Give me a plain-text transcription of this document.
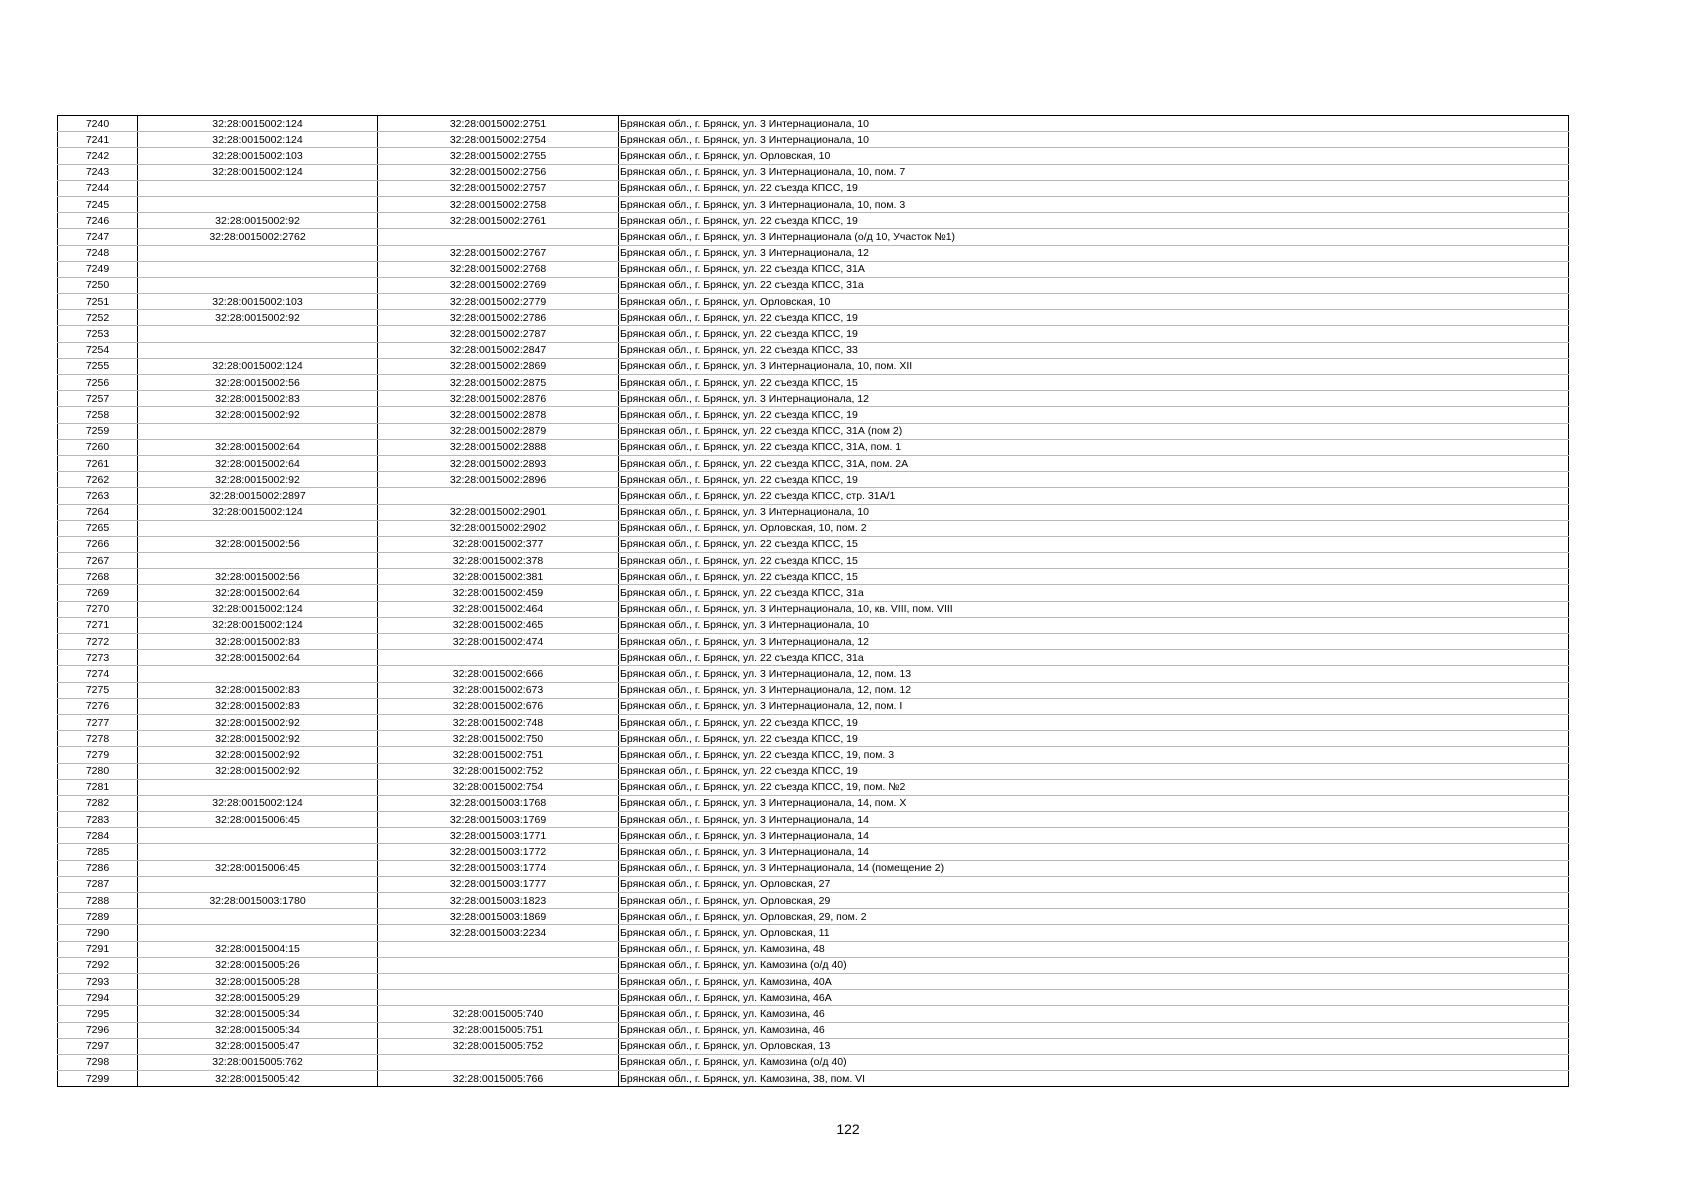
7240	32:28:0015002:124	32:28:0015002:2751	Брянская обл., г. Брянск, ул. 3 Интернационала, 10
7241	32:28:0015002:124	32:28:0015002:2754	Брянская обл., г. Брянск, ул. 3 Интернационала, 10
7242	32:28:0015002:103	32:28:0015002:2755	Брянская обл., г. Брянск, ул. Орловская, 10
7243	32:28:0015002:124	32:28:0015002:2756	Брянская обл., г. Брянск, ул. 3 Интернационала, 10, пом. 7
7244		32:28:0015002:2757	Брянская обл., г. Брянск, ул. 22 съезда КПСС, 19
7245		32:28:0015002:2758	Брянская обл., г. Брянск, ул. 3 Интернационала, 10, пом. 3
7246	32:28:0015002:92	32:28:0015002:2761	Брянская обл., г. Брянск, ул. 22 съезда КПСС, 19
7247	32:28:0015002:2762		Брянская обл., г. Брянск, ул. 3 Интернационала (о/д 10, Участок №1)
7248		32:28:0015002:2767	Брянская обл., г. Брянск, ул. 3 Интернационала, 12
7249		32:28:0015002:2768	Брянская обл., г. Брянск, ул. 22 съезда КПСС, 31А
7250		32:28:0015002:2769	Брянская обл., г. Брянск, ул. 22 съезда КПСС, 31а
7251	32:28:0015002:103	32:28:0015002:2779	Брянская обл., г. Брянск, ул. Орловская, 10
7252	32:28:0015002:92	32:28:0015002:2786	Брянская обл., г. Брянск, ул. 22 съезда КПСС, 19
7253		32:28:0015002:2787	Брянская обл., г. Брянск, ул. 22 съезда КПСС, 19
7254		32:28:0015002:2847	Брянская обл., г. Брянск, ул. 22 съезда КПСС, 33
7255	32:28:0015002:124	32:28:0015002:2869	Брянская обл., г. Брянск, ул. 3 Интернационала, 10, пом. XII
7256	32:28:0015002:56	32:28:0015002:2875	Брянская обл., г. Брянск, ул. 22 съезда КПСС, 15
7257	32:28:0015002:83	32:28:0015002:2876	Брянская обл., г. Брянск, ул. 3 Интернационала, 12
7258	32:28:0015002:92	32:28:0015002:2878	Брянская обл., г. Брянск, ул. 22 съезда КПСС, 19
7259		32:28:0015002:2879	Брянская обл., г. Брянск, ул. 22 съезда КПСС, 31А (пом 2)
7260	32:28:0015002:64	32:28:0015002:2888	Брянская обл., г. Брянск, ул. 22 съезда КПСС, 31А, пом. 1
7261	32:28:0015002:64	32:28:0015002:2893	Брянская обл., г. Брянск, ул. 22 съезда КПСС, 31А, пом. 2А
7262	32:28:0015002:92	32:28:0015002:2896	Брянская обл., г. Брянск, ул. 22 съезда КПСС, 19
7263	32:28:0015002:2897		Брянская обл., г. Брянск, ул. 22 съезда КПСС, стр. 31А/1
7264	32:28:0015002:124	32:28:0015002:2901	Брянская обл., г. Брянск, ул. 3 Интернационала, 10
7265		32:28:0015002:2902	Брянская обл., г. Брянск, ул. Орловская, 10, пом. 2
7266	32:28:0015002:56	32:28:0015002:377	Брянская обл., г. Брянск, ул. 22 съезда КПСС, 15
7267		32:28:0015002:378	Брянская обл., г. Брянск, ул. 22 съезда КПСС, 15
7268	32:28:0015002:56	32:28:0015002:381	Брянская обл., г. Брянск, ул. 22 съезда КПСС, 15
7269	32:28:0015002:64	32:28:0015002:459	Брянская обл., г. Брянск, ул. 22 съезда КПСС, 31а
7270	32:28:0015002:124	32:28:0015002:464	Брянская обл., г. Брянск, ул. 3 Интернационала, 10, кв. VIII, пом. VIII
7271	32:28:0015002:124	32:28:0015002:465	Брянская обл., г. Брянск, ул. 3 Интернационала, 10
7272	32:28:0015002:83	32:28:0015002:474	Брянская обл., г. Брянск, ул. 3 Интернационала, 12
7273	32:28:0015002:64		Брянская обл., г. Брянск, ул. 22 съезда КПСС, 31а
7274		32:28:0015002:666	Брянская обл., г. Брянск, ул. 3 Интернационала, 12, пом. 13
7275	32:28:0015002:83	32:28:0015002:673	Брянская обл., г. Брянск, ул. 3 Интернационала, 12, пом. 12
7276	32:28:0015002:83	32:28:0015002:676	Брянская обл., г. Брянск, ул. 3 Интернационала, 12, пом. I
7277	32:28:0015002:92	32:28:0015002:748	Брянская обл., г. Брянск, ул. 22 съезда КПСС, 19
7278	32:28:0015002:92	32:28:0015002:750	Брянская обл., г. Брянск, ул. 22 съезда КПСС, 19
7279	32:28:0015002:92	32:28:0015002:751	Брянская обл., г. Брянск, ул. 22 съезда КПСС, 19, пом. 3
7280	32:28:0015002:92	32:28:0015002:752	Брянская обл., г. Брянск, ул. 22 съезда КПСС, 19
7281		32:28:0015002:754	Брянская обл., г. Брянск, ул. 22 съезда КПСС, 19, пом. №2
7282	32:28:0015002:124	32:28:0015003:1768	Брянская обл., г. Брянск, ул. 3 Интернационала, 14, пом. Х
7283	32:28:0015006:45	32:28:0015003:1769	Брянская обл., г. Брянск, ул. 3 Интернационала, 14
7284		32:28:0015003:1771	Брянская обл., г. Брянск, ул. 3 Интернационала, 14
7285		32:28:0015003:1772	Брянская обл., г. Брянск, ул. 3 Интернационала, 14
7286	32:28:0015006:45	32:28:0015003:1774	Брянская обл., г. Брянск, ул. 3 Интернационала, 14 (помещение 2)
7287		32:28:0015003:1777	Брянская обл., г. Брянск, ул. Орловская, 27
7288	32:28:0015003:1780	32:28:0015003:1823	Брянская обл., г. Брянск, ул. Орловская, 29
7289		32:28:0015003:1869	Брянская обл., г. Брянск, ул. Орловская, 29, пом. 2
7290		32:28:0015003:2234	Брянская обл., г. Брянск, ул. Орловская, 11
7291	32:28:0015004:15		Брянская обл., г. Брянск, ул. Камозина, 48
7292	32:28:0015005:26		Брянская обл., г. Брянск, ул. Камозина (о/д 40)
7293	32:28:0015005:28		Брянская обл., г. Брянск, ул. Камозина, 40А
7294	32:28:0015005:29		Брянская обл., г. Брянск, ул. Камозина, 46А
7295	32:28:0015005:34	32:28:0015005:740	Брянская обл., г. Брянск, ул. Камозина, 46
7296	32:28:0015005:34	32:28:0015005:751	Брянская обл., г. Брянск, ул. Камозина, 46
7297	32:28:0015005:47	32:28:0015005:752	Брянская обл., г. Брянск, ул. Орловская, 13
7298	32:28:0015005:762		Брянская обл., г. Брянск, ул. Камозина (о/д 40)
7299	32:28:0015005:42	32:28:0015005:766	Брянская обл., г. Брянск, ул. Камозина, 38, пом. VI
122
